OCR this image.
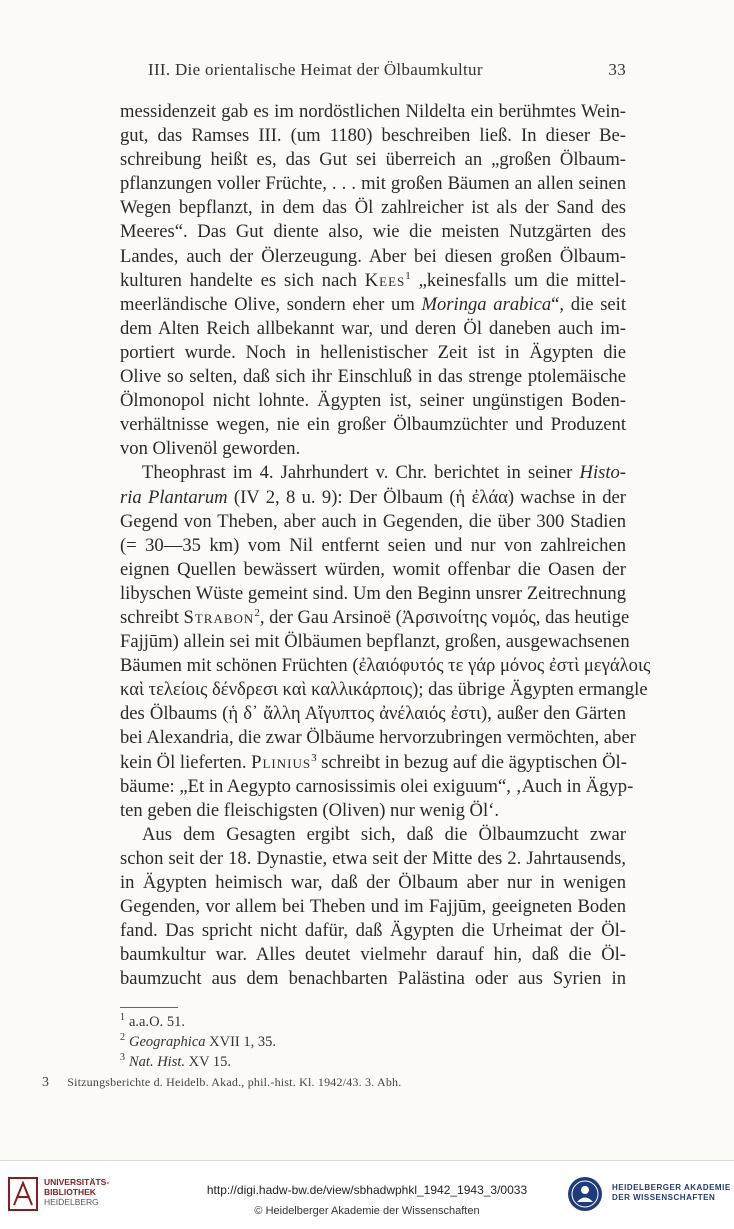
III. Die orientalische Heimat der Ölbaumkultur	33
messidenzeit gab es im nordöstlichen Nildelta ein berühmtes Wein-
gut, das Ramses III. (um 1180) beschreiben ließ. In dieser Be-
schreibung heißt es, das Gut sei überreich an „großen Ölbaum-
pflanzungen voller Früchte, . . . mit großen Bäumen an allen seinen
Wegen bepflanzt, in dem das Öl zahlreicher ist als der Sand des
Meeres“. Das Gut diente also, wie die meisten Nutzgärten des
Landes, auch der Ölerzeugung. Aber bei diesen großen Ölbaum-
kulturen handelte es sich nach Kees$^1$ „keinesfalls um die mittel-
meerländische Olive, sondern eher um Moringa arabica“, die seit
dem Alten Reich allbekannt war, und deren Öl daneben auch im-
portiert wurde. Noch in hellenistischer Zeit ist in Ägypten die
Olive so selten, daß sich ihr Einschluß in das strenge ptolemäische
Ölmonopol nicht lohnte. Ägypten ist, seiner ungünstigen Boden-
verhältnisse wegen, nie ein großer Ölbaumzüchter und Produzent
von Olivenöl geworden.
Theophrast im 4. Jahrhundert v. Chr. berichtet in seiner Histo-
ria Plantarum (IV 2, 8 u. 9): Der Ölbaum (ἡ ἐλάα) wachse in der
Gegend von Theben, aber auch in Gegenden, die über 300 Stadien
(= 30—35 km) vom Nil entfernt seien und nur von zahlreichen
eignen Quellen bewässert würden, womit offenbar die Oasen der
libyschen Wüste gemeint sind. Um den Beginn unsrer Zeitrechnung
schreibt Strabon$^2$, der Gau Arsinoë (Ἀρσινοίτης νομός, das heutige
Fajjūm) allein sei mit Ölbäumen bepflanzt, großen, ausgewachsenen
Bäumen mit schönen Früchten (ἐλαιόφυτός τε γάρ μόνος ἐστὶ μεγάλοις
καὶ τελείοις δένδρεσι καὶ καλλικάρποις); das übrige Ägypten ermangle
des Ölbaums (ἡ δ᾽ ἄλλη Αἴγυπτος ἀνέλαιός ἐστι), außer den Gärten
bei Alexandria, die zwar Ölbäume hervorzubringen vermöchten, aber
kein Öl lieferten. Plinius$^3$ schreibt in bezug auf die ägyptischen Öl-
bäume: „Et in Aegypto carnosissimis olei exiguum“, ‚Auch in Ägyp-
ten geben die fleischigsten (Oliven) nur wenig Öl‘.
Aus dem Gesagten ergibt sich, daß die Ölbaumzucht zwar
schon seit der 18. Dynastie, etwa seit der Mitte des 2. Jahrtausends,
in Ägypten heimisch war, daß der Ölbaum aber nur in wenigen
Gegenden, vor allem bei Theben und im Fajjūm, geeigneten Boden
fand. Das spricht nicht dafür, daß Ägypten die Urheimat der Öl-
baumkultur war. Alles deutet vielmehr darauf hin, daß die Öl-
baumzucht aus dem benachbarten Palästina oder aus Syrien in
$^1$ a.a.O. 51.
$^2$ Geographica XVII 1, 35.
$^3$ Nat. Hist. XV 15.
3 Sitzungsberichte d. Heidelb. Akad., phil.-hist. Kl. 1942/43. 3. Abh.
UNIVERSITÄTS-
BIBLIOTHEK
HEIDELBERG
http://digi.hadw-bw.de/view/sbhadwphkl_1942_1943_3/0033
© Heidelberger Akademie der Wissenschaften
HEIDELBERGER AKADEMIE
DER WISSENSCHAFTEN
